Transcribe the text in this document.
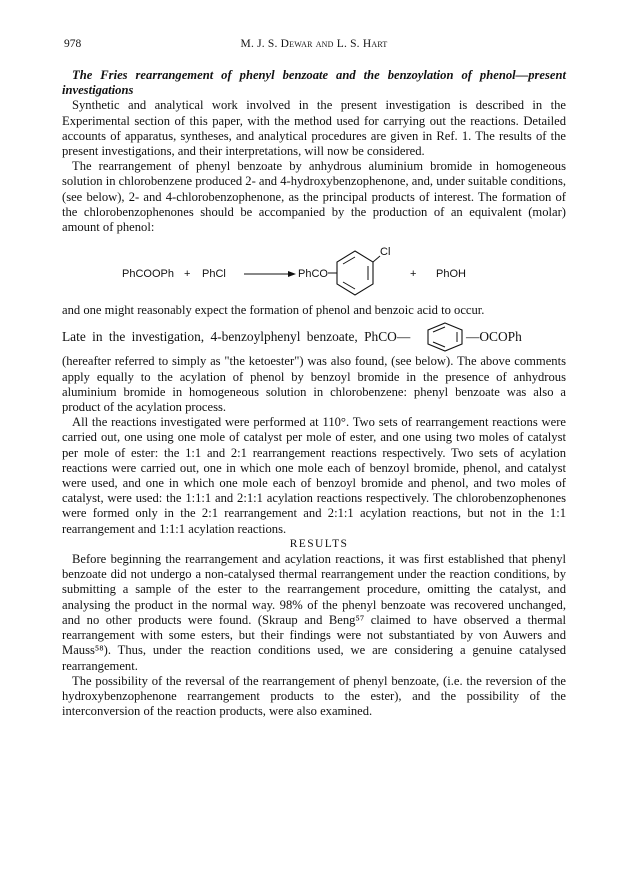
978	M. J. S. Dewar and L. S. Hart

The Fries rearrangement of phenyl benzoate and the benzoylation of phenol—present investigations

Synthetic and analytical work involved in the present investigation is described in the Experimental section of this paper, with the method used for carrying out the reactions. Detailed accounts of apparatus, syntheses, and analytical procedures are given in Ref. 1. The results of the present investigations, and their interpretations, will now be considered.

The rearrangement of phenyl benzoate by anhydrous aluminium bromide in homogeneous solution in chlorobenzene produced 2- and 4-hydroxybenzophenone, and, under suitable conditions, (see below), 2- and 4-chlorobenzophenone, as the principal products of interest. The formation of the chlorobenzophenones should be accompanied by the production of an equivalent (molar) amount of phenol:

PhCOOPh + PhCl	PhCO
Cl
+ PhOH

and one might reasonably expect the formation of phenol and benzoic acid to occur.

Late in the investigation, 4-benzoylphenyl benzoate, PhCO—	—OCOPh

(hereafter referred to simply as "the ketoester") was also found, (see below). The above comments apply equally to the acylation of phenol by benzoyl bromide in the presence of anhydrous aluminium bromide in homogeneous solution in chlorobenzene: phenyl benzoate was also a product of the acylation process.

All the reactions investigated were performed at 110°. Two sets of rearrangement reactions were carried out, one using one mole of catalyst per mole of ester, and one using two moles of catalyst per mole of ester: the 1:1 and 2:1 rearrangement reactions respectively. Two sets of acylation reactions were carried out, one in which one mole each of benzoyl bromide, phenol, and catalyst were used, and one in which one mole each of benzoyl bromide and phenol, and two moles of catalyst, were used: the 1:1:1 and 2:1:1 acylation reactions respectively. The chlorobenzophenones were formed only in the 2:1 rearrangement and 2:1:1 acylation reactions, but not in the 1:1 rearrangement and 1:1:1 acylation reactions.

RESULTS

Before beginning the rearrangement and acylation reactions, it was first established that phenyl benzoate did not undergo a non-catalysed thermal rearrangement under the reaction conditions, by submitting a sample of the ester to the rearrangement procedure, omitting the catalyst, and analysing the product in the normal way. 98% of the phenyl benzoate was recovered unchanged, and no other products were found. (Skraup and Beng⁵⁷ claimed to have observed a thermal rearrangement with some esters, but their findings were not substantiated by von Auwers and Mauss⁵⁸). Thus, under the reaction conditions used, we are considering a genuine catalysed rearrangement.

The possibility of the reversal of the rearrangement of phenyl benzoate, (i.e. the reversion of the hydroxybenzophenone rearrangement products to the ester), and the possibility of the interconversion of the reaction products, were also examined.
